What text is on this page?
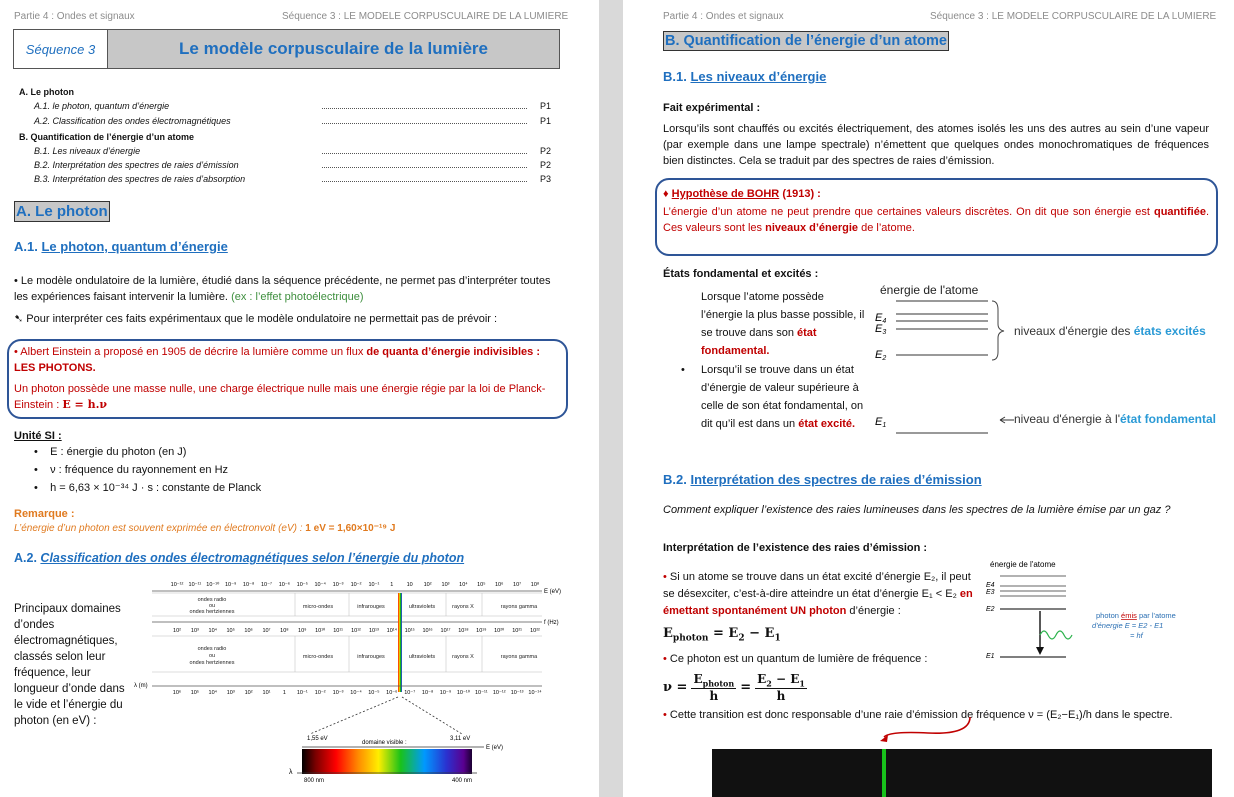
Partie 4 : Ondes et signaux	Séquence 3 : LE MODELE CORPUSCULAIRE DE LA LUMIERE
Séquence 3	Le modèle corpusculaire de la lumière
A. Le photon
A.1. le photon, quantum d’énergie	P1
A.2. Classification des ondes électromagnétiques	P1
B. Quantification de l’énergie d’un atome
B.1. Les niveaux d’énergie	P2
B.2. Interprétation des spectres de raies d’émission	P2
B.3. Interprétation des spectres de raies d’absorption	P3
A. Le photon
A.1. Le photon, quantum d’énergie
• Le modèle ondulatoire de la lumière, étudié dans la séquence précédente, ne permet pas d’interpréter toutes les expériences faisant intervenir la lumière. (ex : l’effet photoélectrique)
➷ Pour interpréter ces faits expérimentaux que le modèle ondulatoire ne permettait pas de prévoir :
• Albert Einstein a proposé en 1905 de décrire la lumière comme un flux de quanta d’énergie indivisibles : LES PHOTONS.
Un photon possède une masse nulle, une charge électrique nulle mais une énergie régie par la loi de Planck-Einstein : E = h.ν
Unité SI :
•    E : énergie du photon (en J)
•    ν : fréquence du rayonnement en Hz
•    h = 6,63 × 10⁻³⁴ J · s : constante de Planck
Remarque :
L’énergie d’un photon est souvent exprimée en électronvolt (eV) : 1 eV = 1,60×10⁻¹⁹ J
A.2. Classification des ondes électromagnétiques selon l’énergie du photon
Principaux domaines d’ondes électromagnétiques, classés selon leur fréquence, leur longueur d’onde dans le vide et l’énergie du photon (en eV) :
10⁻¹² 10⁻¹¹ 10⁻¹⁰ 10⁻⁹ 10⁻⁸ 10⁻⁷ 10⁻⁶ 10⁻⁵ 10⁻⁴ 10⁻³ 10⁻² 10⁻¹ 1 10 10² 10³ 10⁴ 10⁵ 10⁶ 10⁷ 10⁸
E (eV)
ondes radio
ou
ondes hertziennes
micro-ondes	infrarouges	ultraviolets	rayons X	rayons gamma
10² 10³ 10⁴ 10⁵ 10⁶ 10⁷ 10⁸ 10⁹ 10¹⁰ 10¹¹ 10¹² 10¹³ 10¹⁴ 10¹⁵ 10¹⁶ 10¹⁷ 10¹⁸ 10¹⁹ 10²⁰ 10²¹ 10²²
f (Hz)
ondes radio
ou
ondes hertziennes
micro-ondes	infrarouges	ultraviolets	rayons X	rayons gamma
λ (m)
10⁶ 10⁵ 10⁴ 10³ 10² 10¹ 1 10⁻¹ 10⁻² 10⁻³ 10⁻⁴ 10⁻⁵ 10⁻⁶ 10⁻⁷ 10⁻⁸ 10⁻⁹ 10⁻¹⁰ 10⁻¹¹ 10⁻¹² 10⁻¹³ 10⁻¹⁴
1,55 eV
domaine visible :
3,11 eV
E (eV)
λ
800 nm	400 nm
Partie 4 : Ondes et signaux	Séquence 3 : LE MODELE CORPUSCULAIRE DE LA LUMIERE
B. Quantification de l’énergie d’un atome
B.1. Les niveaux d’énergie
Fait expérimental :
Lorsqu’ils sont chauffés ou excités électriquement, des atomes isolés les uns des autres au sein d’une vapeur (par exemple dans une lampe spectrale) n’émettent que quelques ondes monochromatiques de fréquences bien distinctes. Cela se traduit par des spectres de raies d’émission.
♦ Hypothèse de BOHR (1913) :
L’énergie d’un atome ne peut prendre que certaines valeurs discrètes. On dit que son énergie est quantifiée. Ces valeurs sont les niveaux d’énergie de l’atome.
États fondamental et excités :
Lorsque l’atome possède l’énergie la plus basse possible, il se trouve dans son état fondamental.
•	Lorsqu’il se trouve dans un état d’énergie de valeur supérieure à celle de son état fondamental, on dit qu’il est dans un état excité.
énergie de l'atome
E4
E3
E2
E1
niveaux d'énergie des états excités
niveau d'énergie à l'état fondamental
B.2. Interprétation des spectres de raies d’émission
Comment expliquer l’existence des raies lumineuses dans les spectres de la lumière émise par un gaz ?
Interprétation de l’existence des raies d’émission :
• Si un atome se trouve dans un état excité d’énergie E₂, il peut se désexciter, c’est-à-dire atteindre un état d’énergie E₁ < E₂ en émettant spontanément UN photon d’énergie :
$E_{photon} = E_2 - E_1$
• Ce photon est un quantum de lumière de fréquence :
ν =
$E_{photon}$
h
= $\frac{E_2 - E_1}{h}$
• Cette transition est donc responsable d’une raie d’émission de fréquence ν = (E₂−E₁)/h dans le spectre.
énergie de l'atome
E4
E3
E2
E1
photon émis par l'atome
d'énergie E = E2 - E1
= hf
